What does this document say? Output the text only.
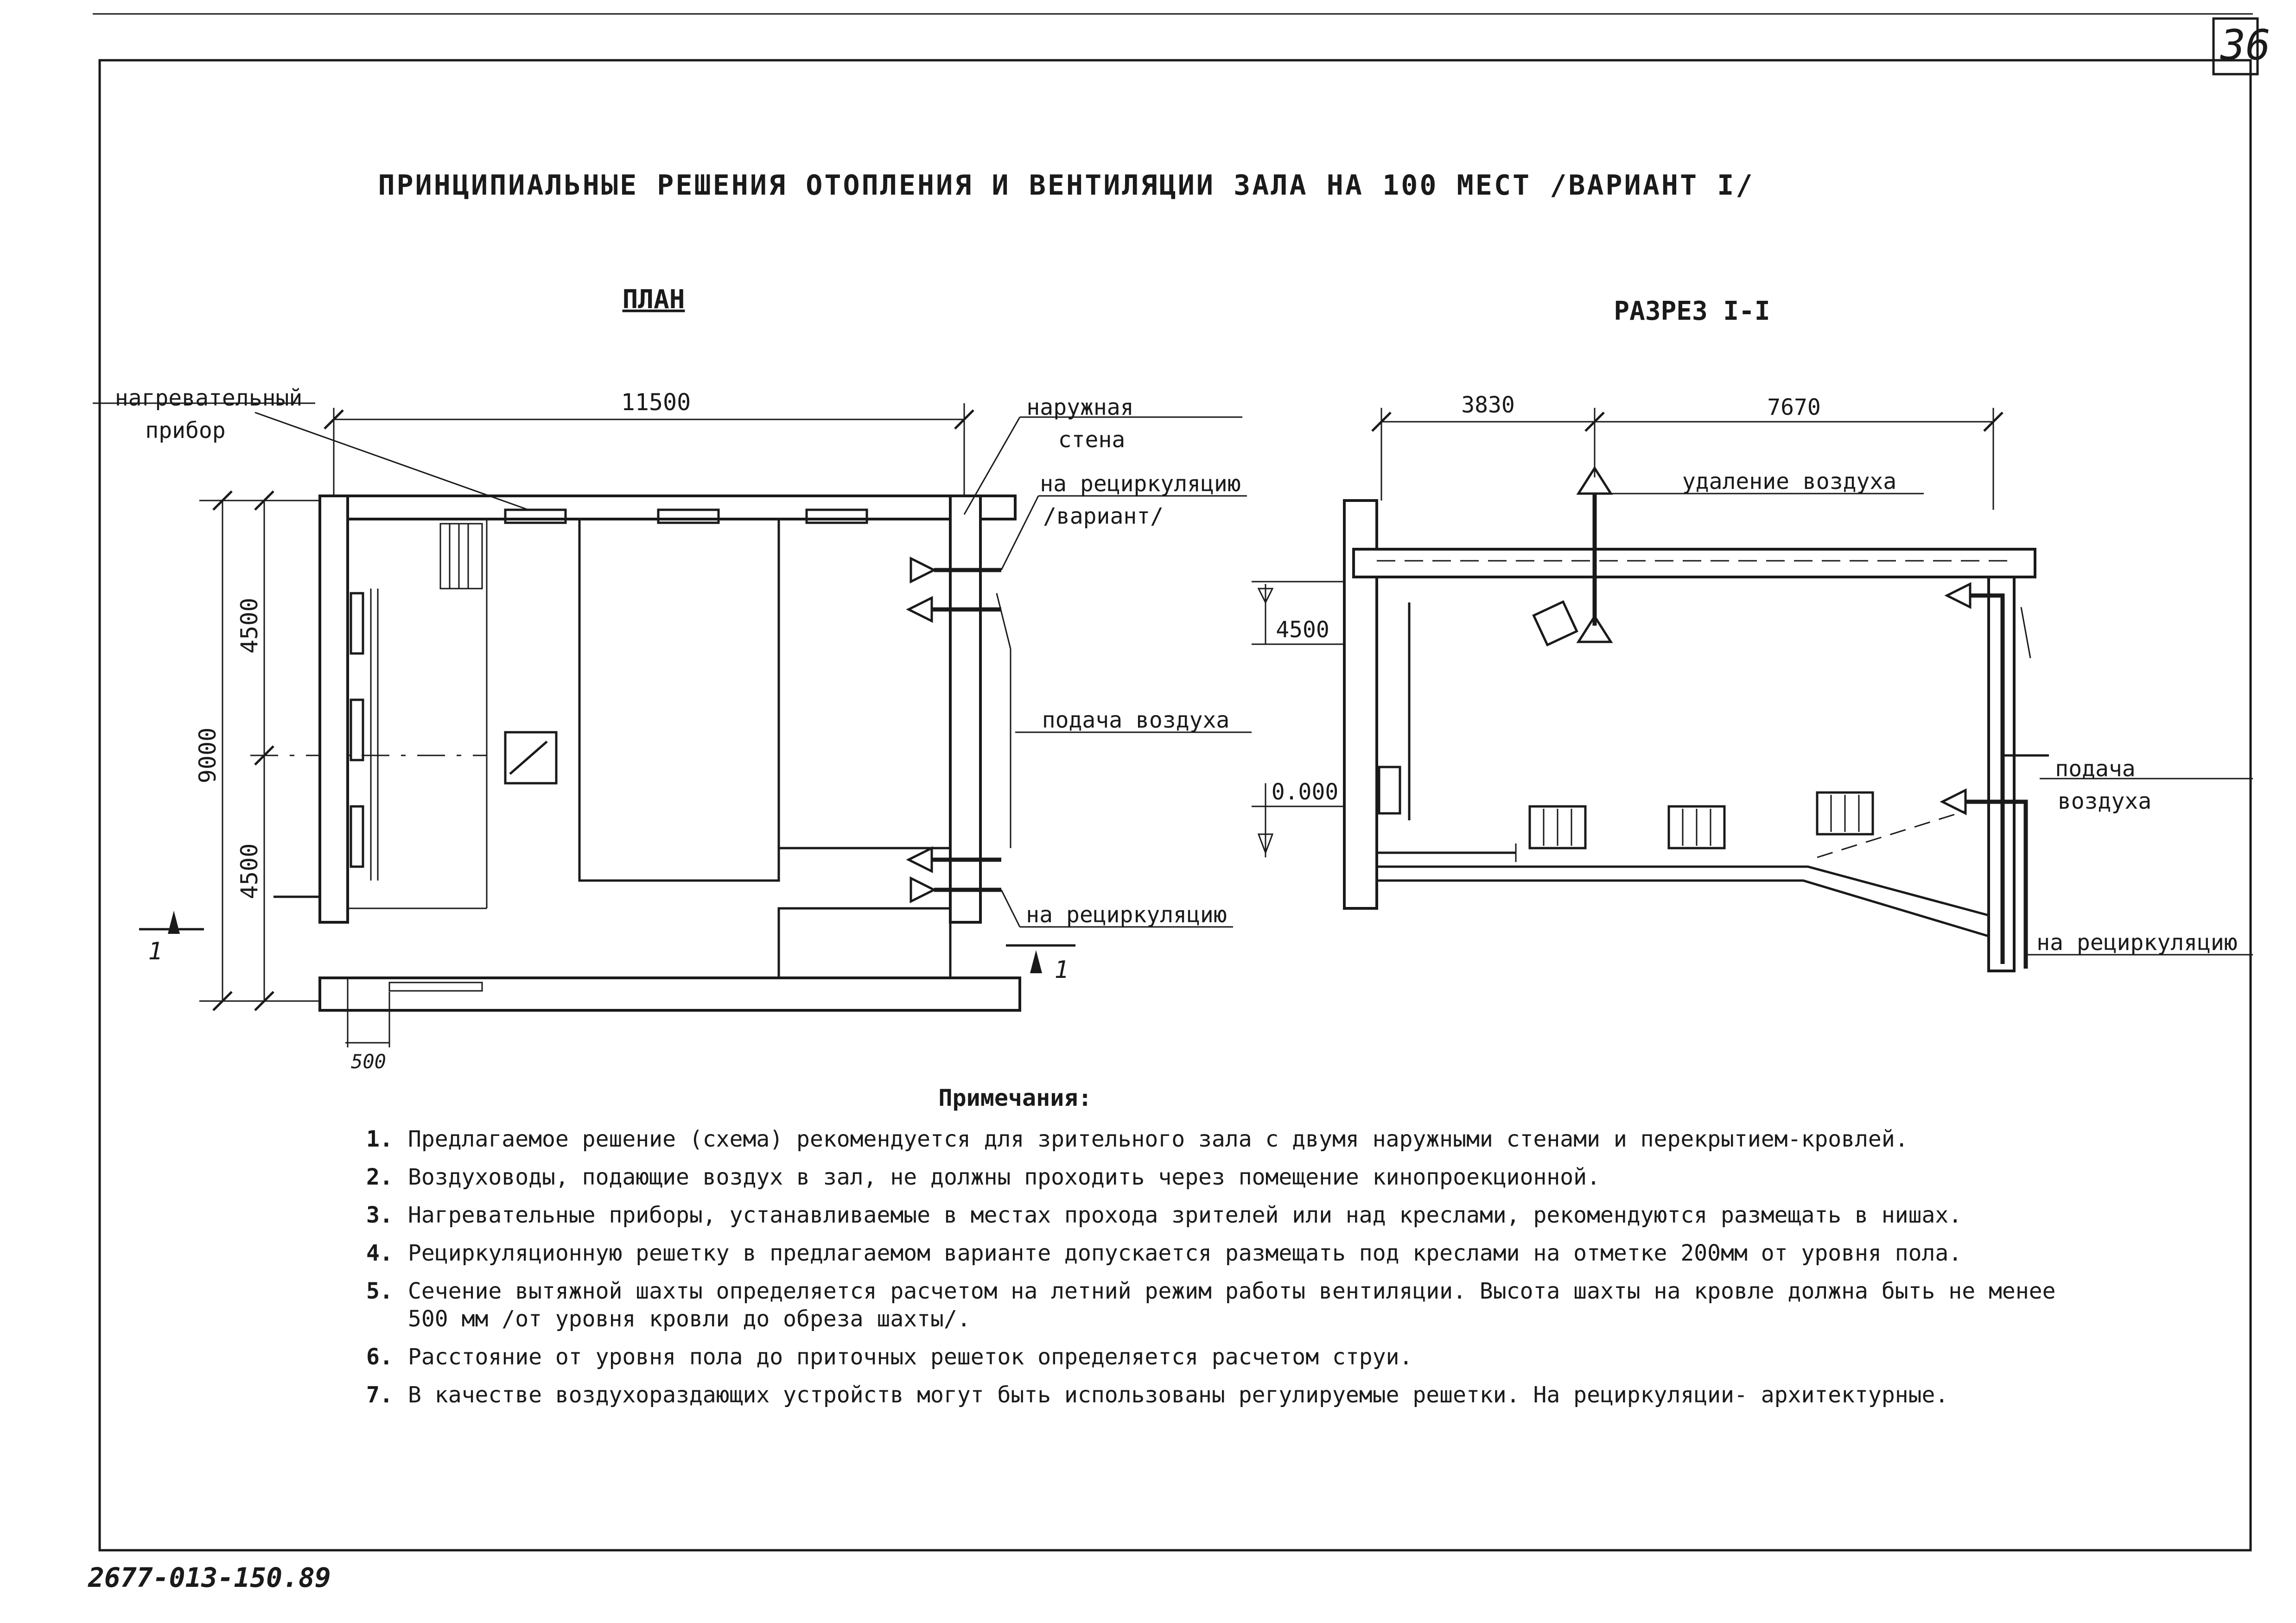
ПРИНЦИПИАЛЬНЫЕ РЕШЕНИЯ ОТОПЛЕНИЯ И ВЕНТИЛЯЦИИ ЗАЛА НА 100 МЕСТ /ВАРИАНТ I/
ПЛАН	РАЗРЕЗ I-I
11500
9000
4500
4500
500
нагревательный
прибор
наружная
стена
на рециркуляцию
/вариант/
подача воздуха
на рециркуляцию
1
1
3830	7670
удаление воздуха
подача
воздуха
на рециркуляцию
4500
0.000
Примечания:
1. Предлагаемое решение (схема) рекомендуется для зрительного зала с двумя наружными стенами и перекрытием-кровлей.
2. Воздуховоды, подающие воздух в зал, не должны проходить через помещение кинопроекционной.
3. Нагревательные приборы, устанавливаемые в местах прохода зрителей или над креслами, рекомендуются размещать в нишах.
4. Рециркуляционную решетку в предлагаемом варианте допускается размещать под креслами на отметке 200мм от уровня пола.
5. Сечение вытяжной шахты определяется расчетом на летний режим работы вентиляции. Высота шахты на кровле должна быть не менее 500 мм /от уровня кровли до обреза шахты/.
6. Расстояние от уровня пола до приточных решеток определяется расчетом струи.
7. В качестве воздухораздающих устройств могут быть использованы регулируемые решетки. На рециркуляции- архитектурные.
2677-013-150.89
36
